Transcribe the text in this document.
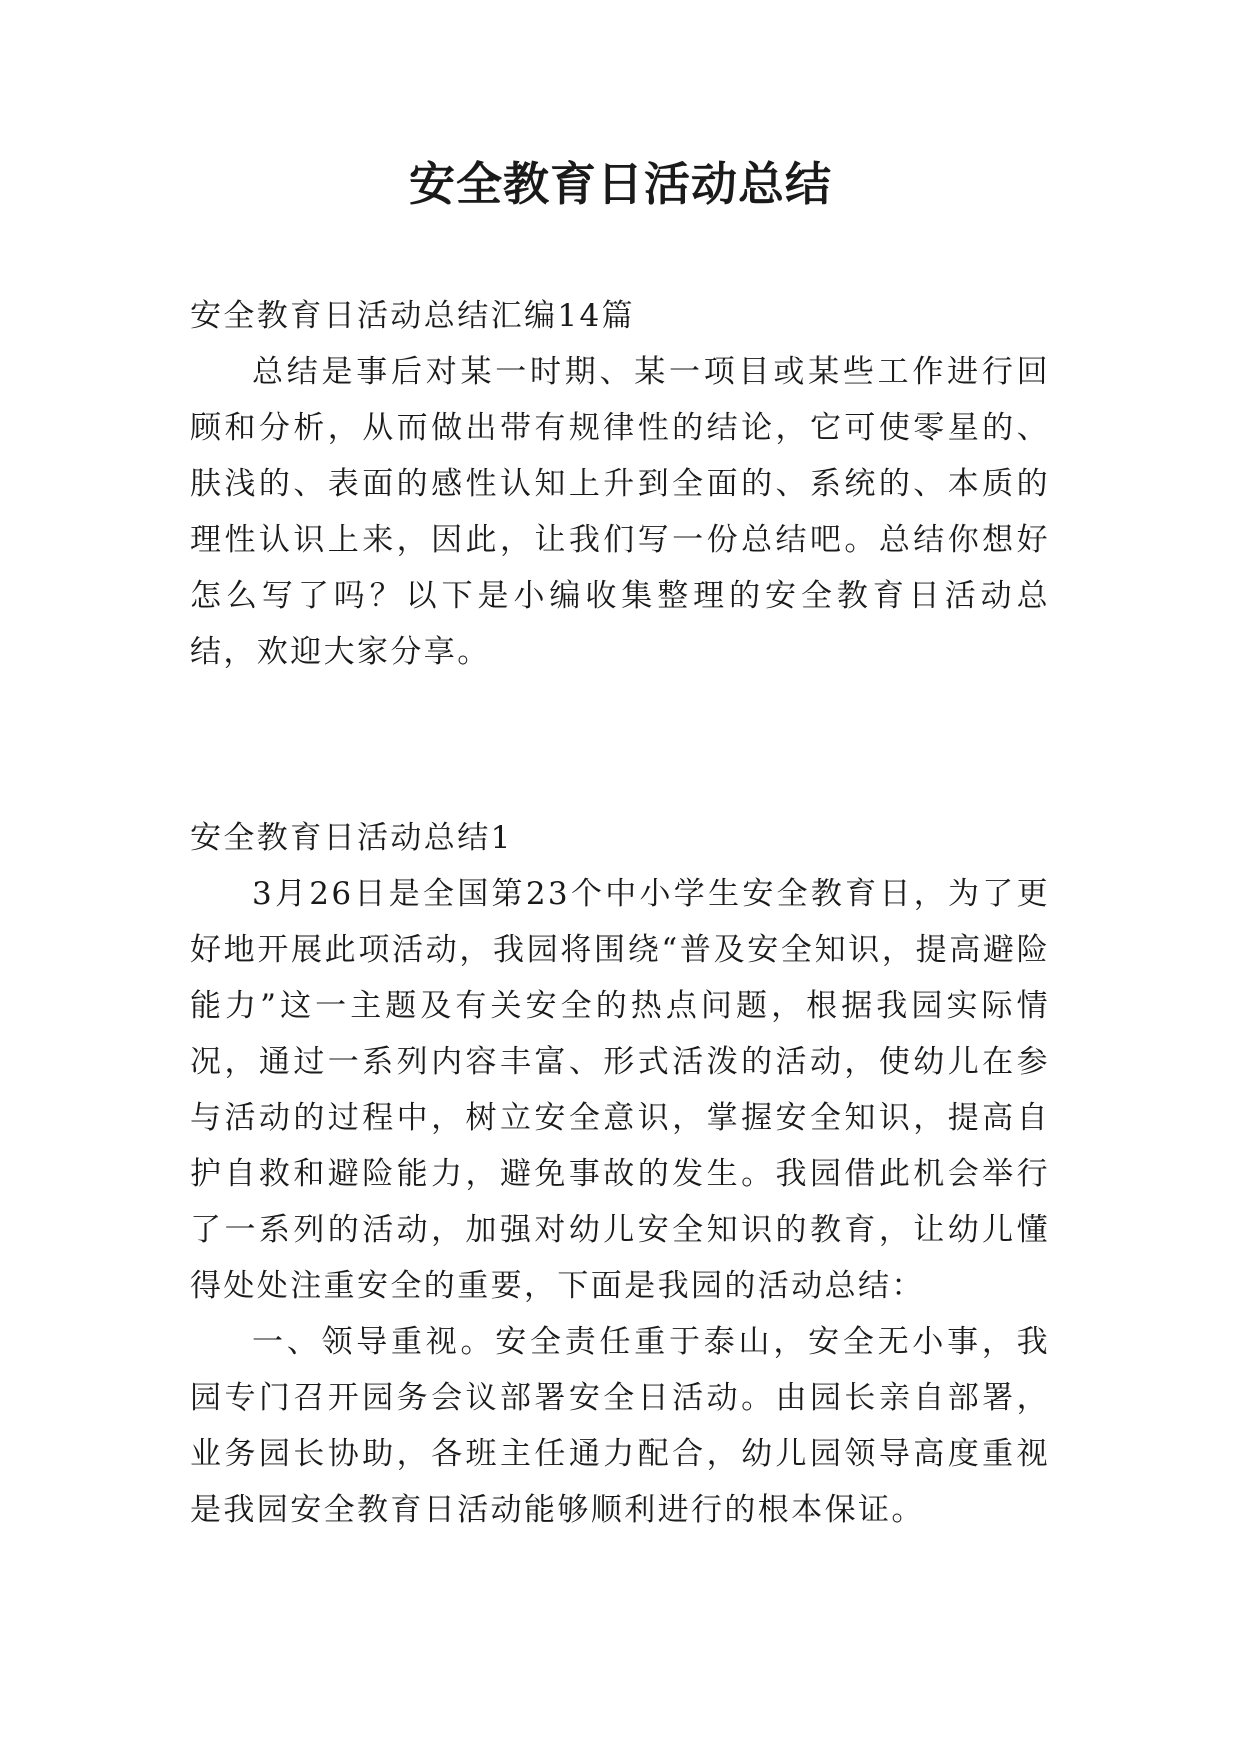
安全教育日活动总结

安全教育日活动总结汇编14篇

总结是事后对某一时期、某一项目或某些工作进行回顾和分析，从而做出带有规律性的结论，它可使零星的、肤浅的、表面的感性认知上升到全面的、系统的、本质的理性认识上来，因此，让我们写一份总结吧。总结你想好怎么写了吗？以下是小编收集整理的安全教育日活动总结，欢迎大家分享。

安全教育日活动总结1

3月26日是全国第23个中小学生安全教育日，为了更好地开展此项活动，我园将围绕“普及安全知识，提高避险能力”这一主题及有关安全的热点问题，根据我园实际情况，通过一系列内容丰富、形式活泼的活动，使幼儿在参与活动的过程中，树立安全意识，掌握安全知识，提高自护自救和避险能力，避免事故的发生。我园借此机会举行了一系列的活动，加强对幼儿安全知识的教育，让幼儿懂得处处注重安全的重要，下面是我园的活动总结：

一、领导重视。安全责任重于泰山，安全无小事，我园专门召开园务会议部署安全日活动。由园长亲自部署，业务园长协助，各班主任通力配合，幼儿园领导高度重视是我园安全教育日活动能够顺利进行的根本保证。
